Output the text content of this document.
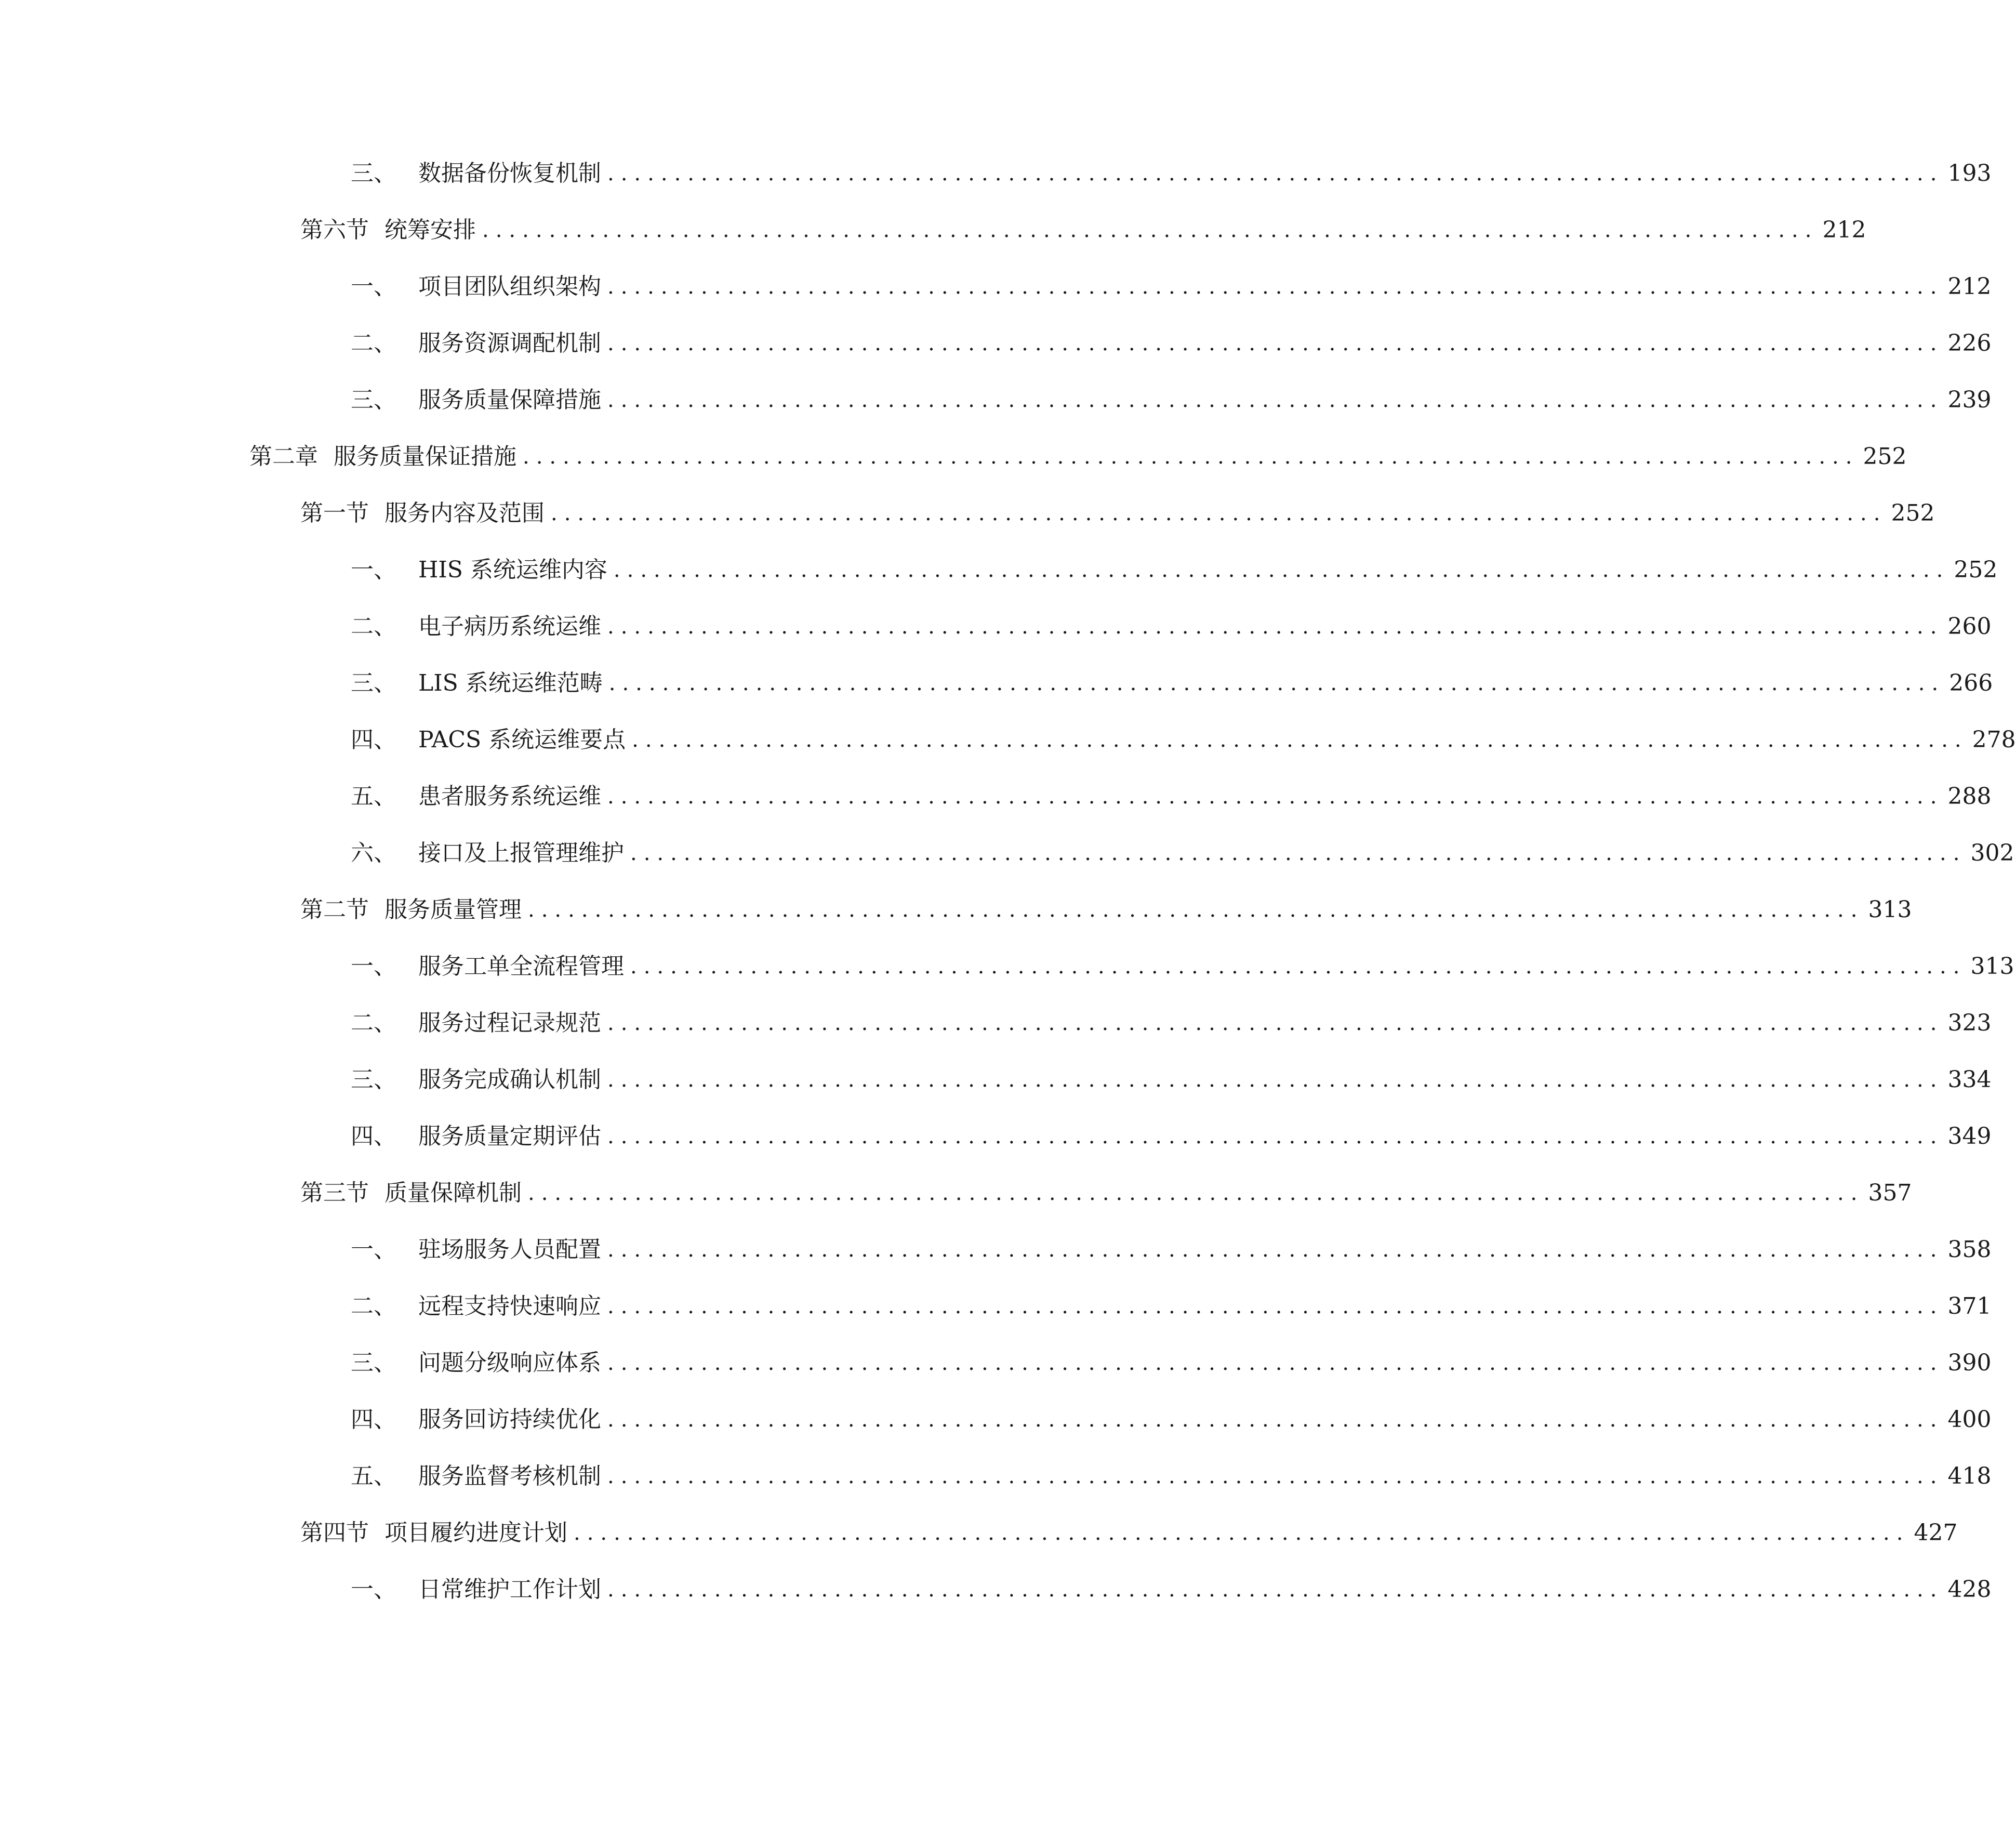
三、 数据备份恢复机制 .................................................................................................... 193
第六节 统筹安排 .................................................................................................... 212
一、 项目团队组织架构 .................................................................................................... 212
二、 服务资源调配机制 .................................................................................................... 226
三、 服务质量保障措施 .................................................................................................... 239
第二章 服务质量保证措施 .................................................................................................... 252
第一节 服务内容及范围 .................................................................................................... 252
一、 HIS 系统运维内容 .................................................................................................... 252
二、 电子病历系统运维 .................................................................................................... 260
三、 LIS 系统运维范畴 .................................................................................................... 266
四、 PACS 系统运维要点 .................................................................................................... 278
五、 患者服务系统运维 .................................................................................................... 288
六、 接口及上报管理维护 .................................................................................................... 302
第二节 服务质量管理 .................................................................................................... 313
一、 服务工单全流程管理 .................................................................................................... 313
二、 服务过程记录规范 .................................................................................................... 323
三、 服务完成确认机制 .................................................................................................... 334
四、 服务质量定期评估 .................................................................................................... 349
第三节 质量保障机制 .................................................................................................... 357
一、 驻场服务人员配置 .................................................................................................... 358
二、 远程支持快速响应 .................................................................................................... 371
三、 问题分级响应体系 .................................................................................................... 390
四、 服务回访持续优化 .................................................................................................... 400
五、 服务监督考核机制 .................................................................................................... 418
第四节 项目履约进度计划 .................................................................................................... 427
一、 日常维护工作计划 .................................................................................................... 428
